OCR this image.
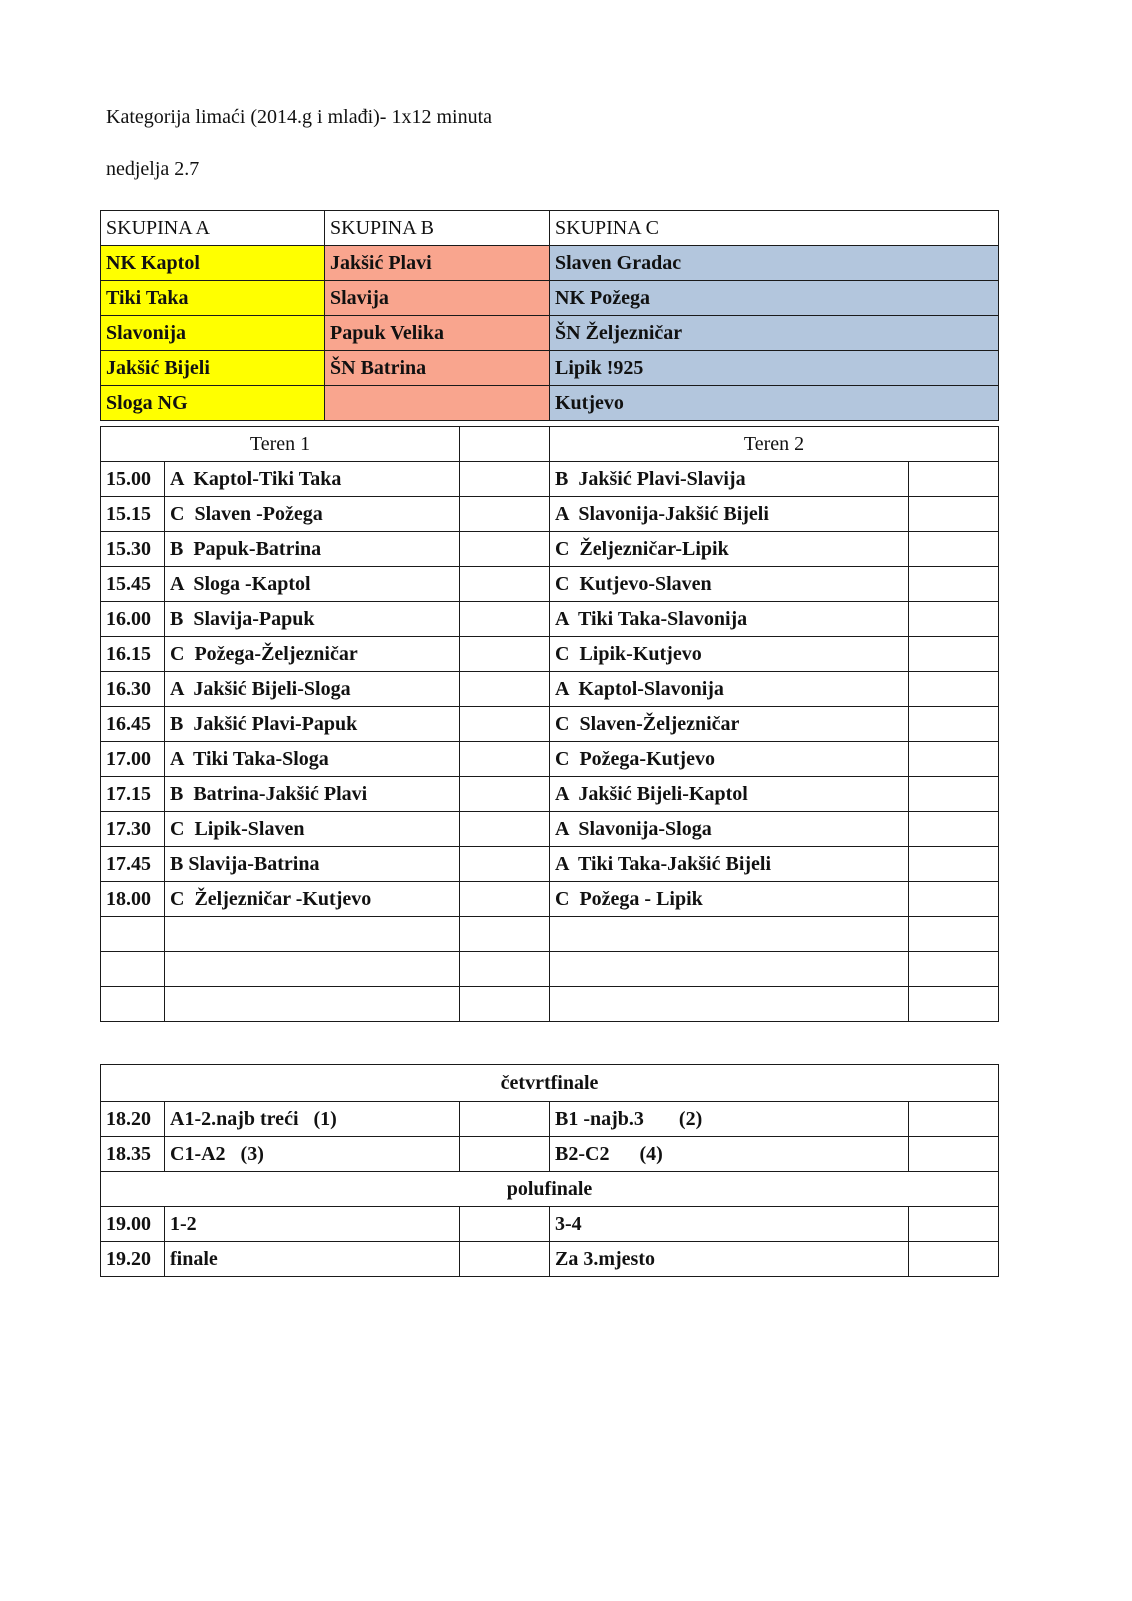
Kategorija limaći (2014.g i mlađi)- 1x12 minuta
nedjelja 2.7
SKUPINA A	SKUPINA B	SKUPINA C
NK Kaptol	Jakšić Plavi	Slaven Gradac
Tiki Taka	Slavija	NK Požega
Slavonija	Papuk Velika	ŠN Željezničar
Jakšić Bijeli	ŠN Batrina	Lipik !925
Sloga NG		Kutjevo
Teren 1			Teren 2	
15.00	A  Kaptol-Tiki Taka		B  Jakšić Plavi-Slavija	
15.15	C  Slaven -Požega		A  Slavonija-Jakšić Bijeli	
15.30	B  Papuk-Batrina		C  Željezničar-Lipik	
15.45	A  Sloga -Kaptol		C  Kutjevo-Slaven	
16.00	B  Slavija-Papuk		A  Tiki Taka-Slavonija	
16.15	C  Požega-Željezničar		C  Lipik-Kutjevo	
16.30	A  Jakšić Bijeli-Sloga		A  Kaptol-Slavonija	
16.45	B  Jakšić Plavi-Papuk		C  Slaven-Željezničar	
17.00	A  Tiki Taka-Sloga		C  Požega-Kutjevo	
17.15	B  Batrina-Jakšić Plavi		A  Jakšić Bijeli-Kaptol	
17.30	C  Lipik-Slaven		A  Slavonija-Sloga	
17.45	B Slavija-Batrina		A  Tiki Taka-Jakšić Bijeli	
18.00	C  Željezničar -Kutjevo		C  Požega - Lipik	

četvrtfinale				
18.20	A1-2.najb treći   (1)		B1 -najb.3       (2)	
18.35	C1-A2   (3)		B2-C2      (4)	
polufinale				
19.00	1-2		3-4	
19.20	finale		Za 3.mjesto	
